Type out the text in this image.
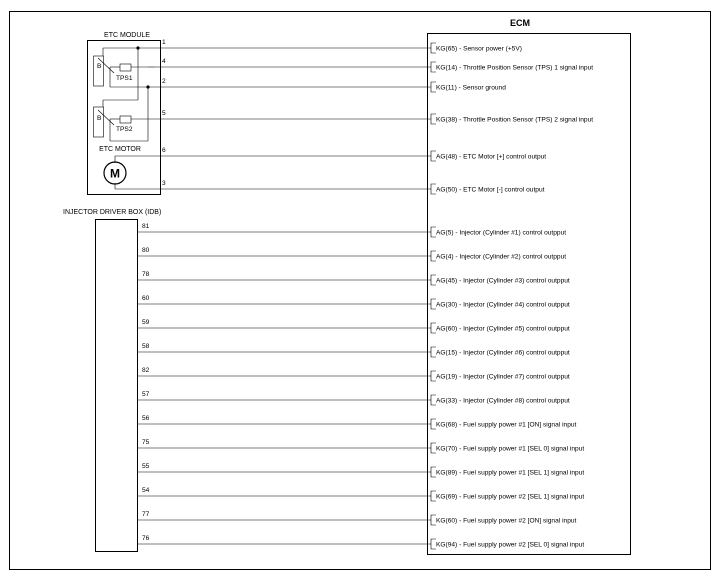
ECM
ETC MODULE
B
TPS1
B
TPS2
ETC MOTOR
M
INJECTOR DRIVER BOX (IDB)
1
KG(65) - Sensor power (+5V)
4
KG(14) - Throttle Position Sensor (TPS) 1 signal input
2
KG(11) - Sensor ground
5
KG(38) - Throttle Position Sensor (TPS) 2 signal input
6
AG(48) - ETC Motor [+] control output
3
AG(50) - ETC Motor [-] control output
81
AG(5) - Injector (Cylinder #1) control outpput
80
AG(4) - Injector (Cylinder #2) control outpput
78
AG(45) - Injector (Cylinder #3) control outpput
60
AG(30) - Injector (Cylinder #4) control outpput
59
AG(60) - Injector (Cylinder #5) control outpput
58
AG(15) - Injector (Cylinder #6) control outpput
82
AG(19) - Injector (Cylinder #7) control outpput
57
AG(33) - Injector (Cylinder #8) control outpput
56
KG(68) - Fuel supply power #1 [ON] signal input
75
KG(70) - Fuel supply power #1 [SEL 0] signal input
55
KG(89) - Fuel supply power #1 [SEL 1] signal input
54
KG(69) - Fuel supply power #2 [SEL 1] signal input
77
KG(60) - Fuel supply power #2 [ON] signal input
76
KG(94) - Fuel supply power #2 [SEL 0] signal input
